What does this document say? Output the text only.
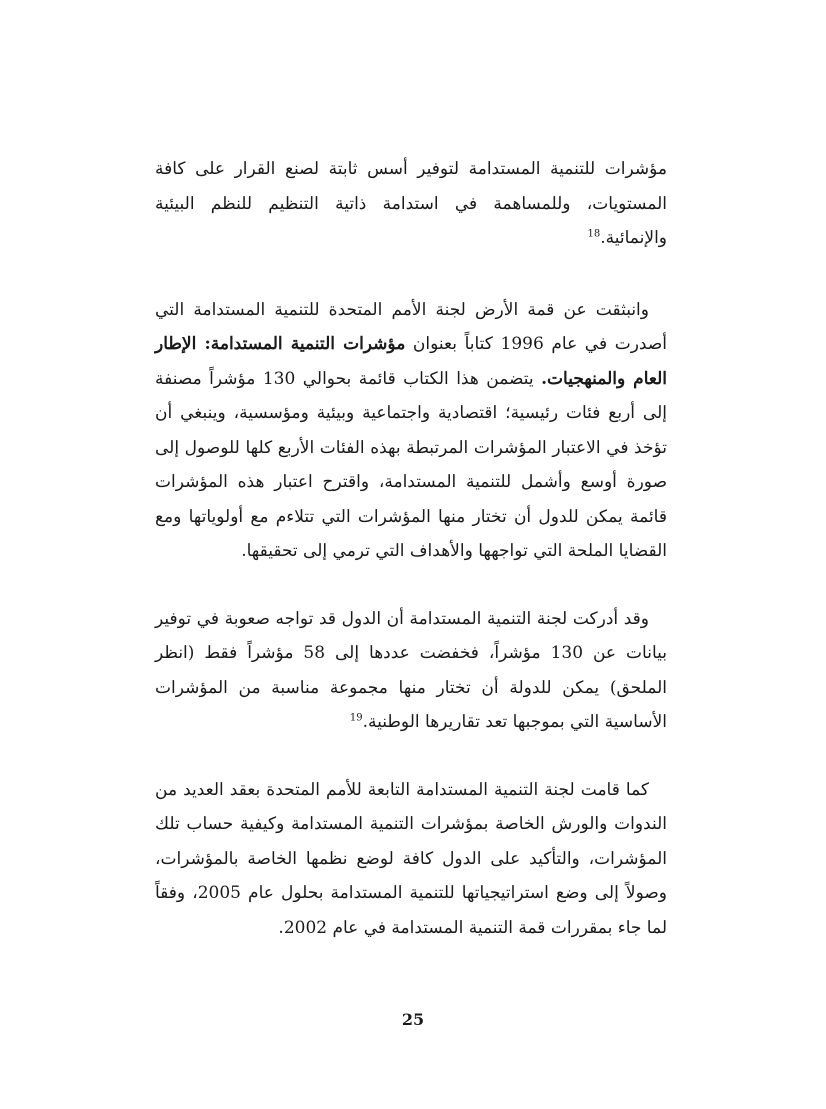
مؤشرات للتنمية المستدامة لتوفير أسس ثابتة لصنع القرار على كافة المستويات، وللمساهمة في استدامة ذاتية التنظيم للنظم البيئية والإنمائية.$^{18}$

وانبثقت عن قمة الأرض لجنة الأمم المتحدة للتنمية المستدامة التي أصدرت في عام 1996 كتاباً بعنوان مؤشرات التنمية المستدامة: الإطار العام والمنهجيات. يتضمن هذا الكتاب قائمة بحوالي 130 مؤشراً مصنفة إلى أربع فئات رئيسية؛ اقتصادية واجتماعية وبيئية ومؤسسية، وينبغي أن تؤخذ في الاعتبار المؤشرات المرتبطة بهذه الفئات الأربع كلها للوصول إلى صورة أوسع وأشمل للتنمية المستدامة، واقترح اعتبار هذه المؤشرات قائمة يمكن للدول أن تختار منها المؤشرات التي تتلاءم مع أولوياتها ومع القضايا الملحة التي تواجهها والأهداف التي ترمي إلى تحقيقها.

وقد أدركت لجنة التنمية المستدامة أن الدول قد تواجه صعوبة في توفير بيانات عن 130 مؤشراً، فخفضت عددها إلى 58 مؤشراً فقط (انظر الملحق) يمكن للدولة أن تختار منها مجموعة مناسبة من المؤشرات الأساسية التي بموجبها تعد تقاريرها الوطنية.$^{19}$

كما قامت لجنة التنمية المستدامة التابعة للأمم المتحدة بعقد العديد من الندوات والورش الخاصة بمؤشرات التنمية المستدامة وكيفية حساب تلك المؤشرات، والتأكيد على الدول كافة لوضع نظمها الخاصة بالمؤشرات، وصولاً إلى وضع استراتيجياتها للتنمية المستدامة بحلول عام 2005، وفقاً لما جاء بمقررات قمة التنمية المستدامة في عام 2002.

25
